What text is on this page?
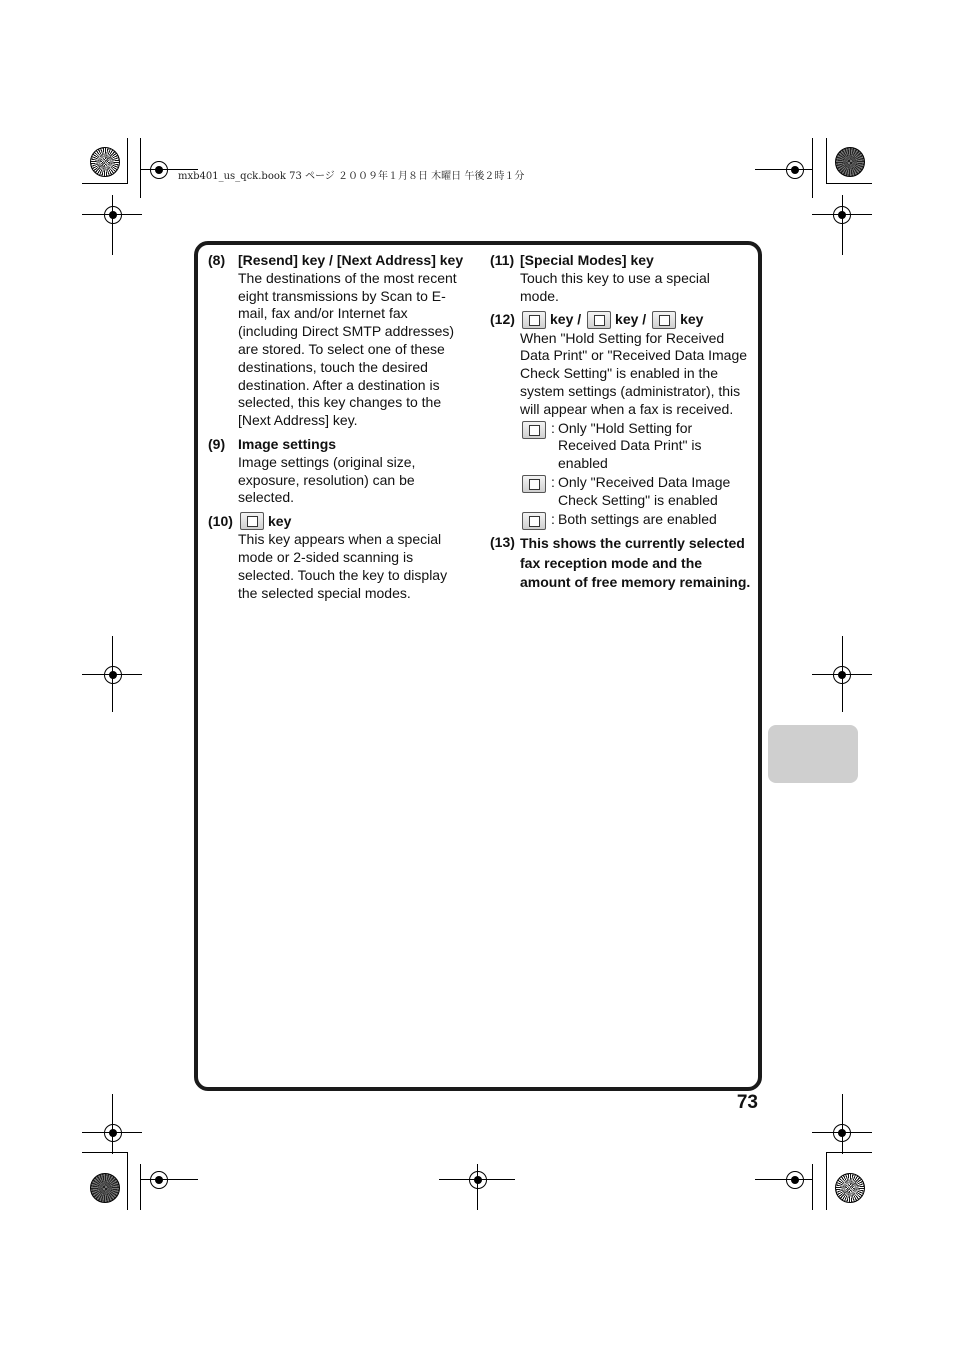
mxb401_us_qck.book 73 ページ ２００９年１月８日 木曜日 午後２時１分
(8) [Resend] key / [Next Address] key
The destinations of the most recent eight transmissions by Scan to E-mail, fax and/or Internet fax (including Direct SMTP addresses) are stored. To select one of these destinations, touch the desired destination. After a destination is selected, this key changes to the [Next Address] key.
(9) Image settings
Image settings (original size, exposure, resolution) can be selected.
(10)	key
This key appears when a special mode or 2-sided scanning is selected. Touch the key to display the selected special modes.
(11) [Special Modes] key
Touch this key to use a special mode.
(12)	key / key / key
When "Hold Setting for Received Data Print" or "Received Data Image Check Setting" is enabled in the system settings (administrator), this will appear when a fax is received.
: Only "Hold Setting for Received Data Print" is enabled
: Only "Received Data Image Check Setting" is enabled
: Both settings are enabled
(13) This shows the currently selected fax reception mode and the amount of free memory remaining.
73
